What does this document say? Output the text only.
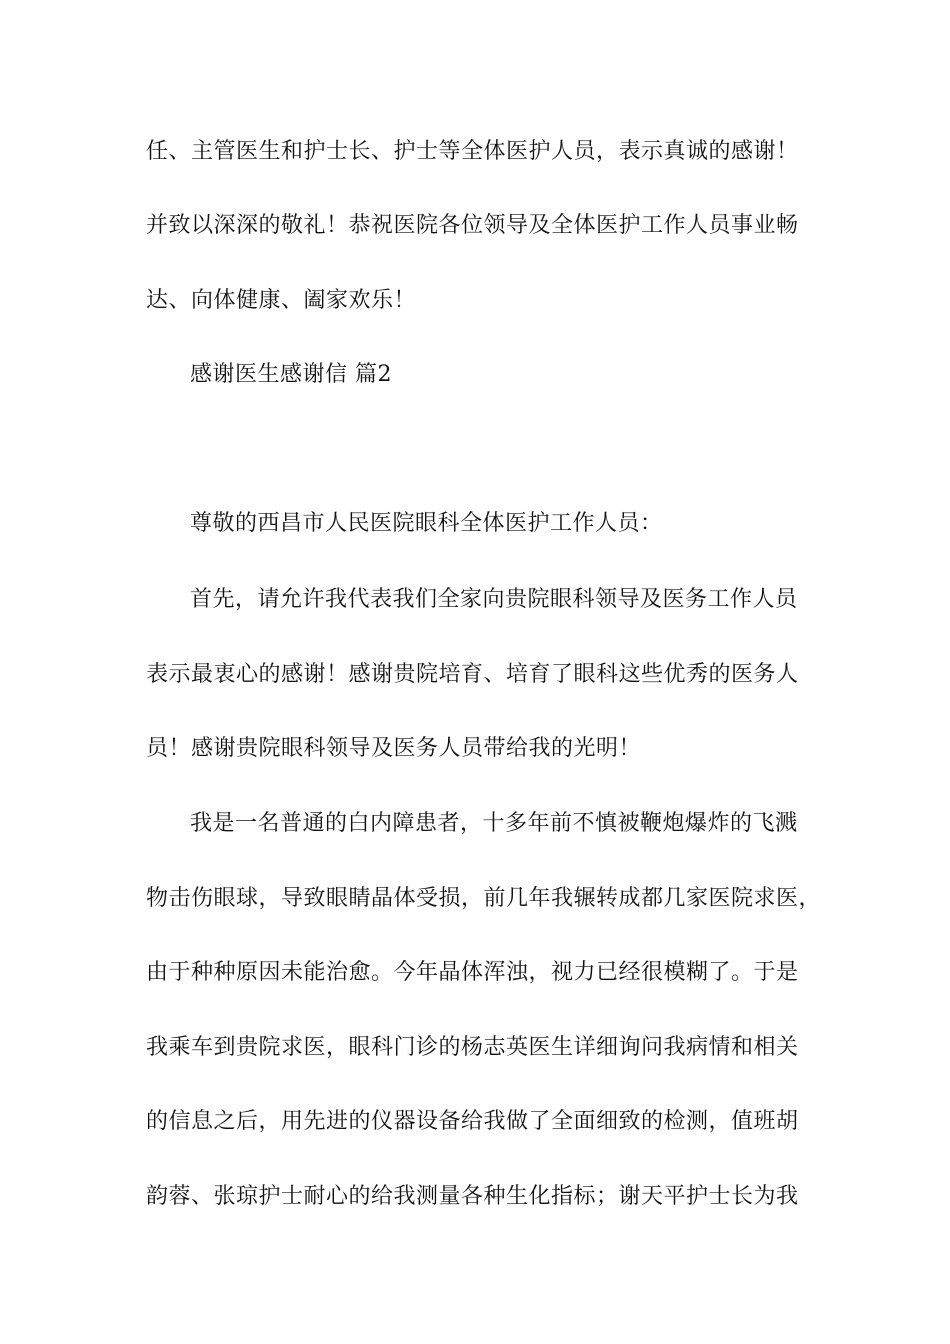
任、主管医生和护士长、护士等全体医护人员，表示真诚的感谢！
并致以深深的敬礼！恭祝医院各位领导及全体医护工作人员事业畅
达、向体健康、阖家欢乐！
感谢医生感谢信 篇2
尊敬的西昌市人民医院眼科全体医护工作人员：
首先，请允许我代表我们全家向贵院眼科领导及医务工作人员
表示最衷心的感谢！感谢贵院培育、培育了眼科这些优秀的医务人
员！感谢贵院眼科领导及医务人员带给我的光明！
我是一名普通的白内障患者，十多年前不慎被鞭炮爆炸的飞溅
物击伤眼球，导致眼睛晶体受损，前几年我辗转成都几家医院求医，
由于种种原因未能治愈。今年晶体浑浊，视力已经很模糊了。于是
我乘车到贵院求医，眼科门诊的杨志英医生详细询问我病情和相关
的信息之后，用先进的仪器设备给我做了全面细致的检测，值班胡
韵蓉、张琼护士耐心的给我测量各种生化指标；谢天平护士长为我
